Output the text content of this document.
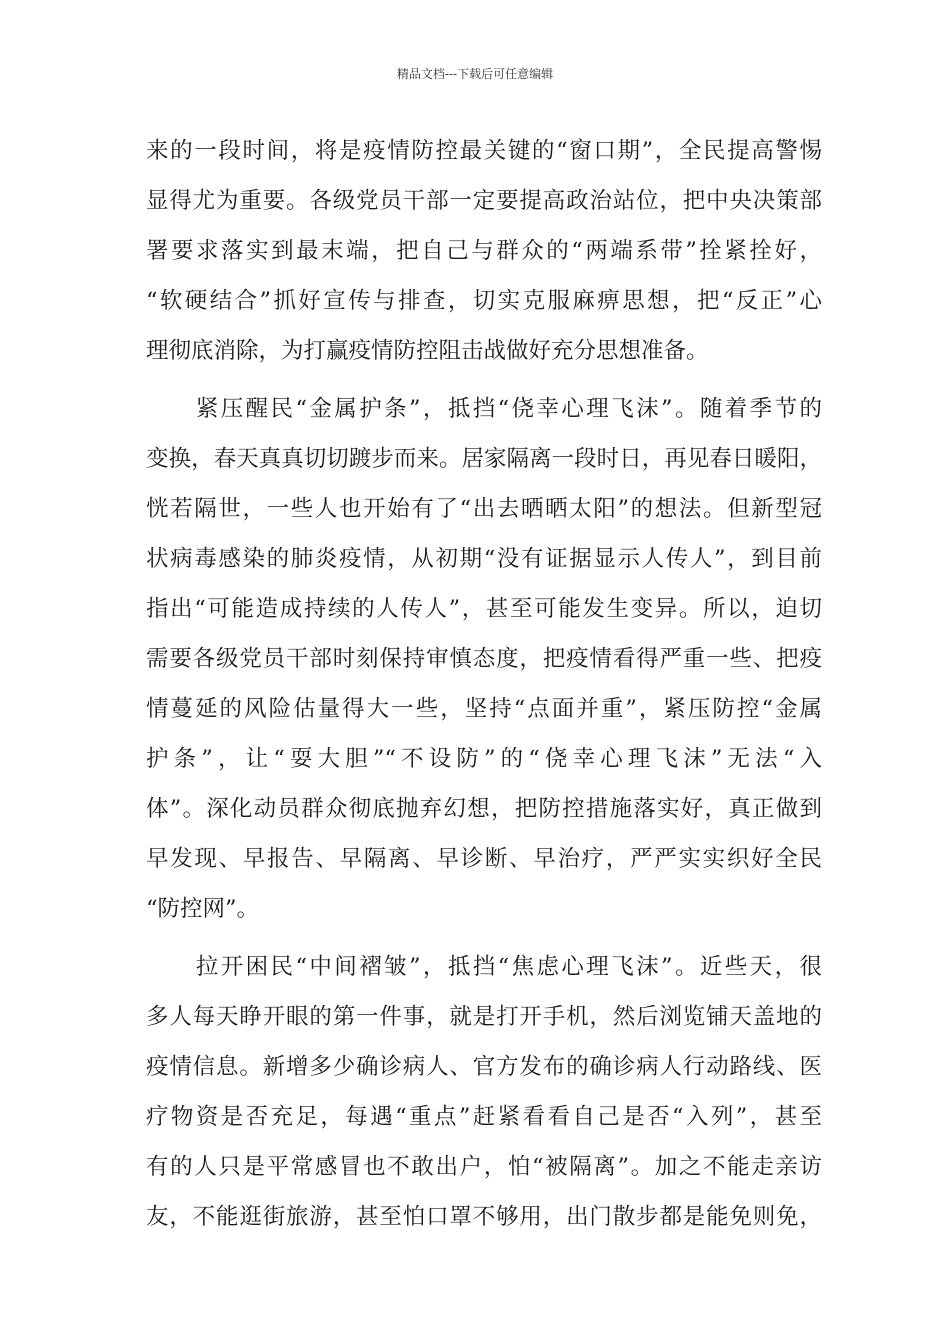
精品文档---下载后可任意编辑
来的一段时间，将是疫情防控最关键的“窗口期”，全民提高警惕
显得尤为重要。各级党员干部一定要提高政治站位，把中央决策部
署要求落实到最末端，把自己与群众的“两端系带”拴紧拴好，
“软硬结合”抓好宣传与排查，切实克服麻痹思想，把“反正”心
理彻底消除，为打赢疫情防控阻击战做好充分思想准备。
　　紧压醒民“金属护条”，抵挡“侥幸心理飞沫”。随着季节的
变换，春天真真切切踱步而来。居家隔离一段时日，再见春日暖阳，
恍若隔世，一些人也开始有了“出去晒晒太阳”的想法。但新型冠
状病毒感染的肺炎疫情，从初期“没有证据显示人传人”，到目前
指出“可能造成持续的人传人”，甚至可能发生变异。所以，迫切
需要各级党员干部时刻保持审慎态度，把疫情看得严重一些、把疫
情蔓延的风险估量得大一些，坚持“点面并重”，紧压防控“金属
护条”，让“耍大胆”“不设防”的“侥幸心理飞沫”无法“入
体”。深化动员群众彻底抛弃幻想，把防控措施落实好，真正做到
早发现、早报告、早隔离、早诊断、早治疗，严严实实织好全民
“防控网”。
　　拉开困民“中间褶皱”，抵挡“焦虑心理飞沫”。近些天，很
多人每天睁开眼的第一件事，就是打开手机，然后浏览铺天盖地的
疫情信息。新增多少确诊病人、官方发布的确诊病人行动路线、医
疗物资是否充足，每遇“重点”赶紧看看自己是否“入列”，甚至
有的人只是平常感冒也不敢出户，怕“被隔离”。加之不能走亲访
友，不能逛街旅游，甚至怕口罩不够用，出门散步都是能免则免，
